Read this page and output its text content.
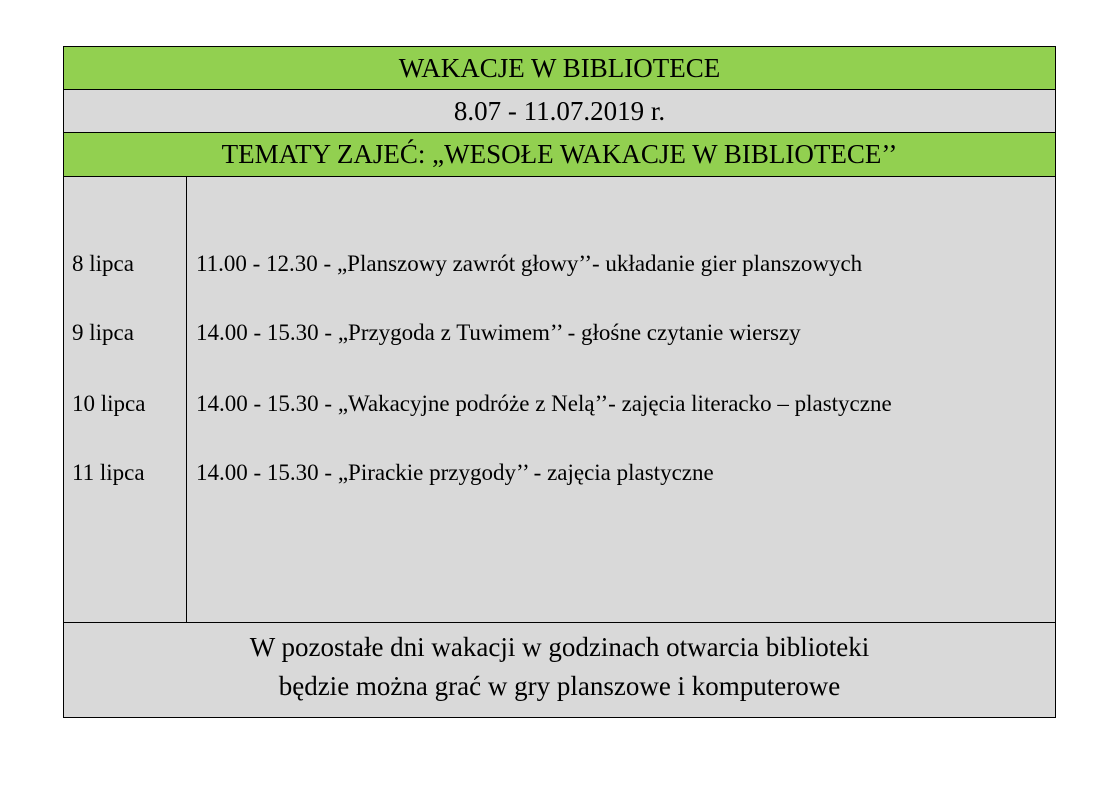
WAKACJE W BIBLIOTECE
8.07 - 11.07.2019 r.
TEMATY ZAJEĆ: „WESOŁE WAKACJE W BIBLIOTECE’’
8 lipca	11.00 - 12.30 - „Planszowy zawrót głowy’’- układanie gier planszowych
9 lipca	14.00 - 15.30 - „Przygoda z Tuwimem’’ - głośne czytanie wierszy
10 lipca 14.00 - 15.30 - „Wakacyjne podróże z Nelą’’- zajęcia literacko – plastyczne
11 lipca 14.00 - 15.30 - „Pirackie przygody’’ - zajęcia plastyczne
W pozostałe dni wakacji w godzinach otwarcia biblioteki
będzie można grać w gry planszowe i komputerowe
